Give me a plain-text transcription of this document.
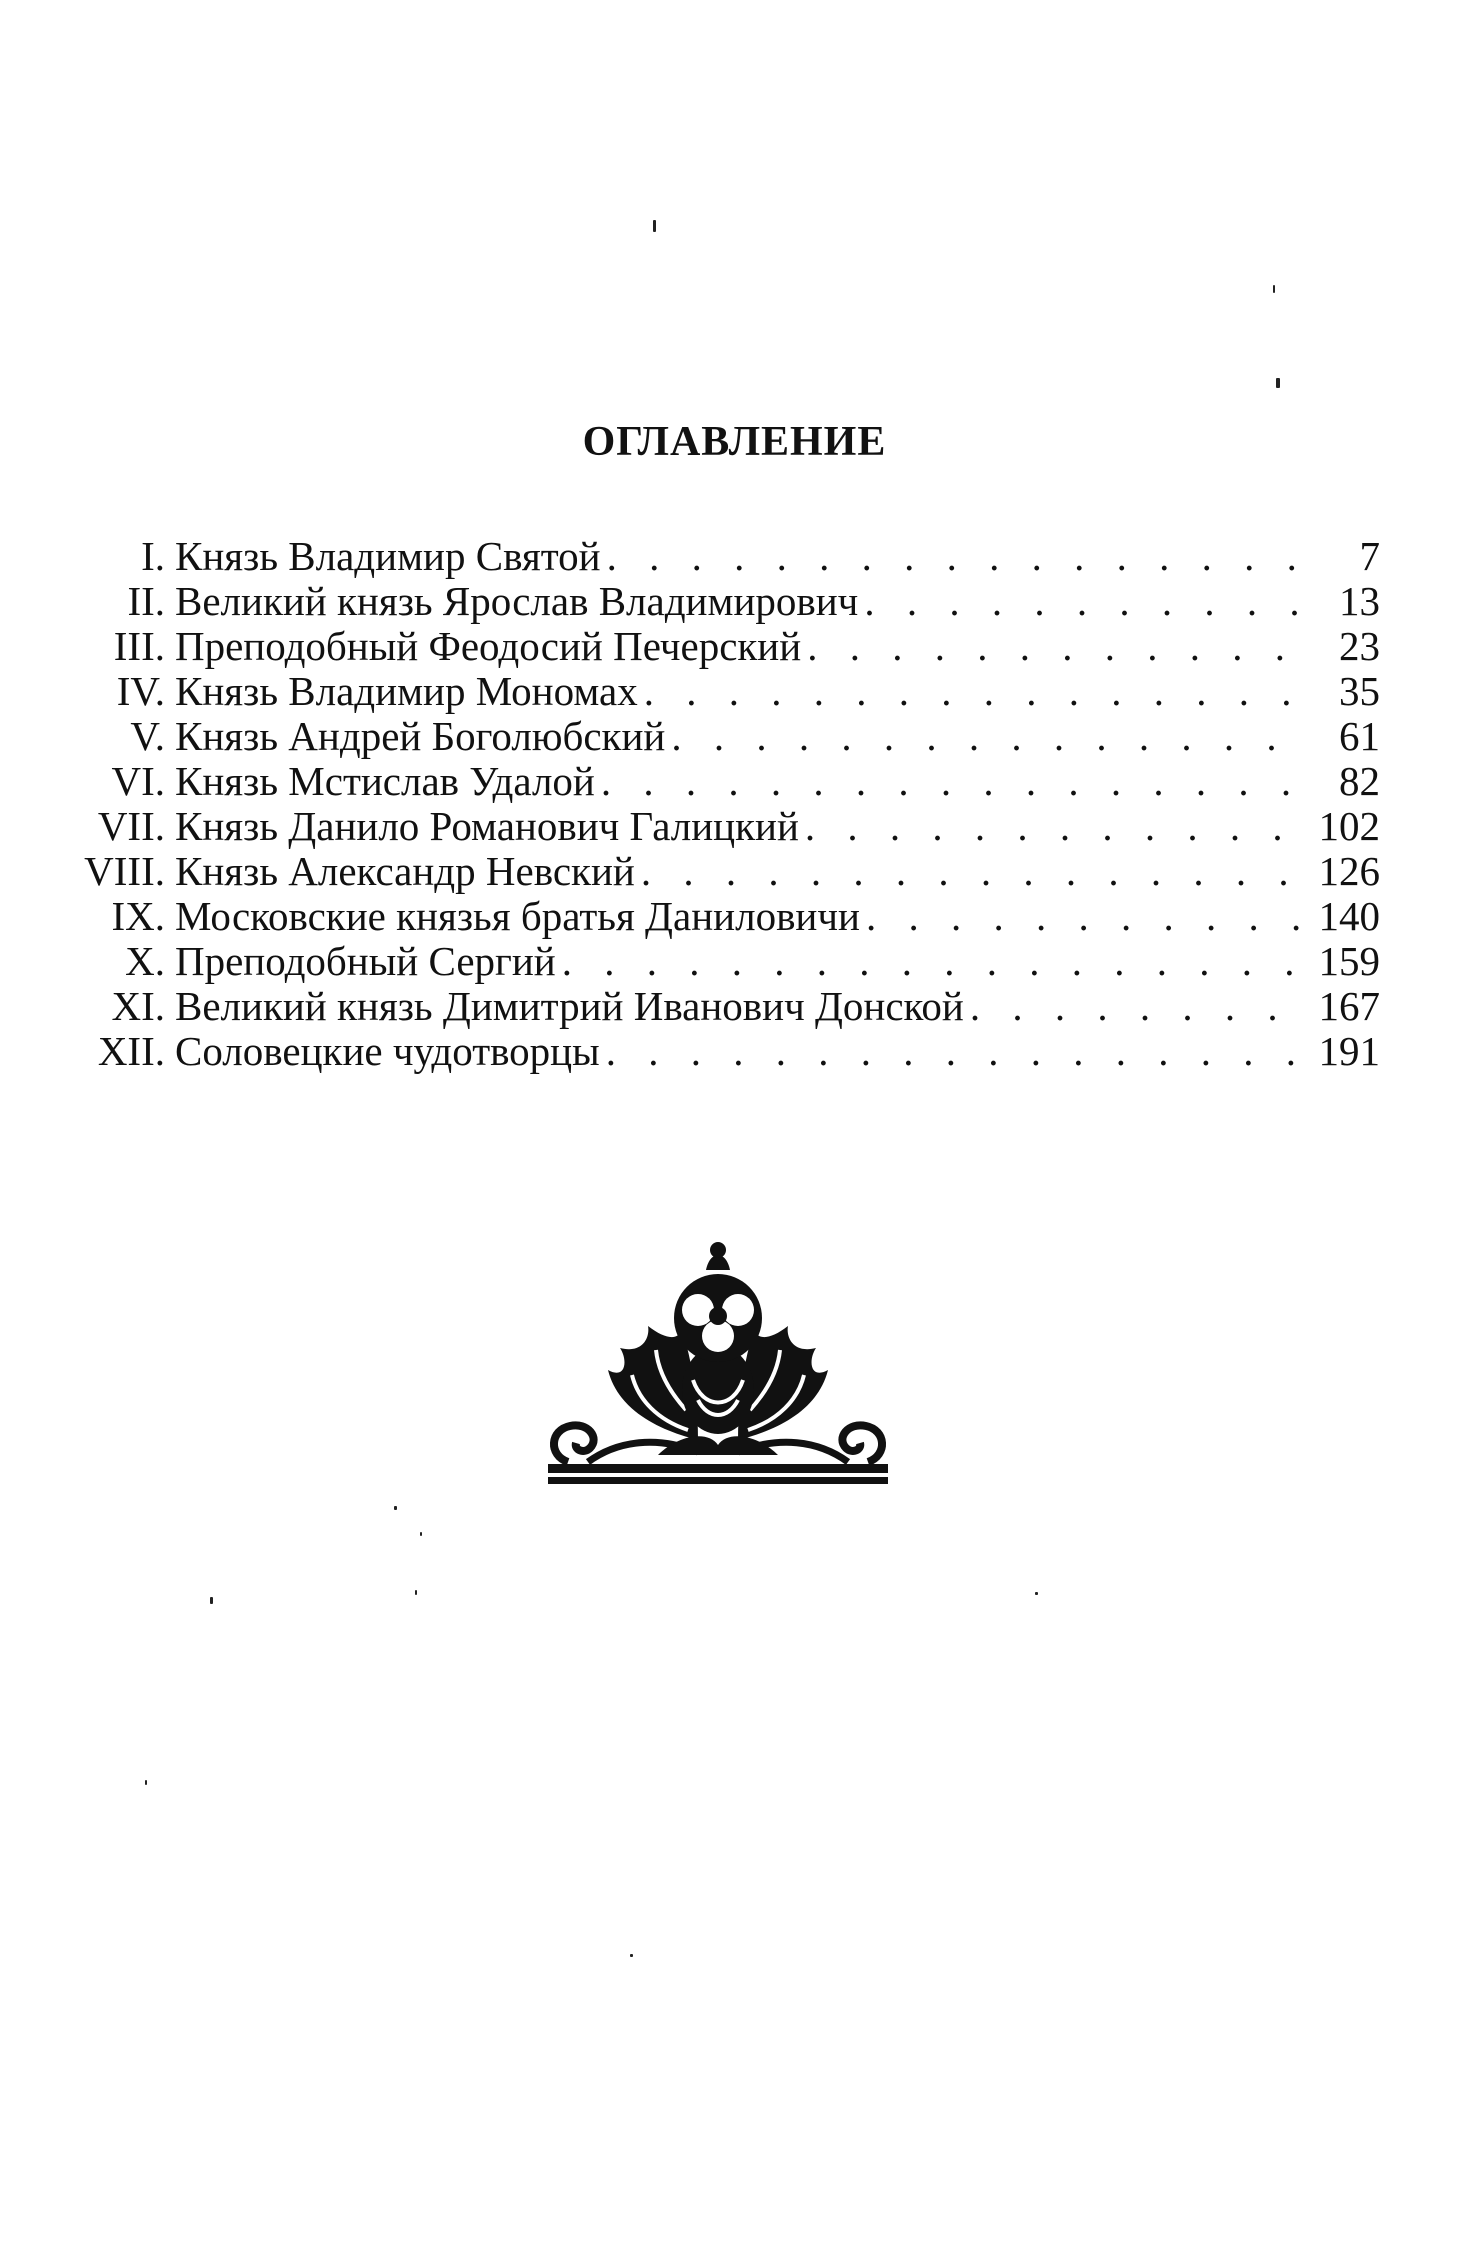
ОГЛАВЛЕНИЕ
I. Князь Владимир Святой . . .	7
II. Великий князь Ярослав Владимирович . . .	13
III. Преподобный Феодосий Печерский . . .	23
IV. Князь Владимир Мономах . . .	35
V. Князь Андрей Боголюбский . . .	61
VI. Князь Мстислав Удалой . . .	82
VII. Князь Данило Романович Галицкий . . .	102
VIII. Князь Александр Невский . . .	126
IX. Московские князья братья Даниловичи . . .	140
X. Преподобный Сергий . . .	159
XI. Великий князь Димитрий Иванович Донской . . .	167
XII. Соловецкие чудотворцы . . .	191
